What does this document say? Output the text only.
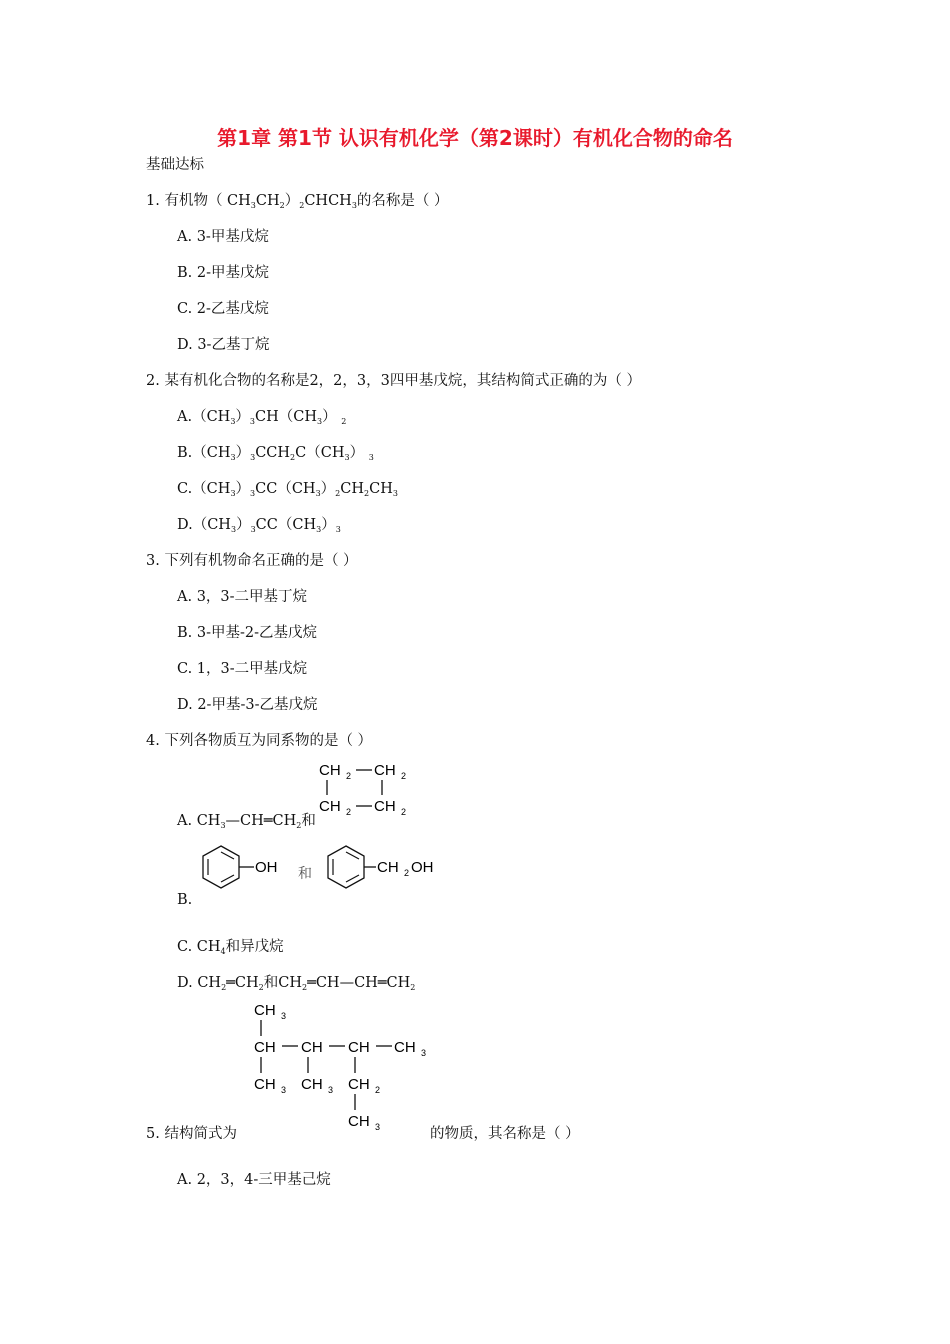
第1章 第1节 认识有机化学（第2课时）有机化合物的命名
基础达标
1. 有机物（ $CH_3CH_2)_2CHCH_3$的名称是（ ）
A. 3-甲基戊烷
B. 2-甲基戊烷
C. 2-乙基戊烷
D. 3-乙基丁烷
2. 某有机化合物的名称是2，2，3，3四甲基戊烷，其结构简式正确的为（ ）
$A.(CH_3)_3CH(CH_3)$ $_2$
$B.(CH_3)_3CCH_2C(CH_3)$ $_3$
$C.(CH_3)_3CC(CH_3)_2CH_2CH_3$
$D.(CH_3)_3CC(CH_3)_3$
3. 下列有机物命名正确的是（ ）
A. 3，3-二甲基丁烷
B. 3-甲基-2-乙基戊烷
C. 1，3-二甲基戊烷
D. 2-甲基-3-乙基戊烷
4. 下列各物质互为同系物的是（ ）
CH 2 CH 2
CH 2 CH 2
A. $CH_3—CH═CH_2$和
OH 和	CH 2 OH
B.
C. $CH_4$和异戊烷
D. $CH_2═CH_2$和$CH_2═CH—CH═CH_2$
CH 3
CH CH CH CH 3
CH 3 CH 3 CH 2
CH 3
5. 结构简式为	的物质，其名称是（ ）
A. 2，3，4-三甲基己烷
